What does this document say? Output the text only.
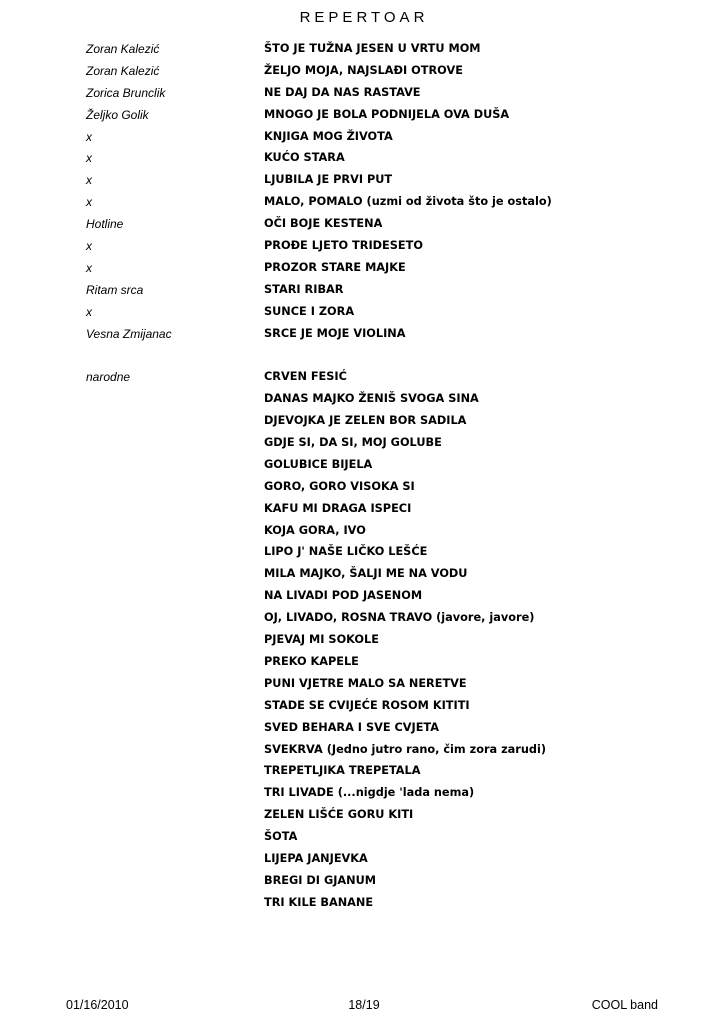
REPERTOAR
Zoran Kalezić	ŠTO JE TUŽNA JESEN U VRTU MOM
Zoran Kalezić	ŽELJO MOJA, NAJSLAĐI OTROVE
Zorica Brunclik	NE DAJ DA NAS RASTAVE
Željko Golik	MNOGO JE BOLA PODNIJELA OVA DUŠA
x	KNJIGA MOG ŽIVOTA
x	KUĆO STARA
x	LJUBILA JE PRVI PUT
x	MALO, POMALO (uzmi od života što je ostalo)
Hotline	OČI BOJE KESTENA
x	PROĐE LJETO TRIDESETO
x	PROZOR STARE MAJKE
Ritam srca	STARI RIBAR
x	SUNCE I ZORA
Vesna Zmijanac	SRCE JE MOJE VIOLINA
narodne	CRVEN FESIĆ
DANAS MAJKO ŽENIŠ SVOGA SINA
DJEVOJKA JE ZELEN BOR SADILA
GDJE SI, DA SI, MOJ GOLUBE
GOLUBICE BIJELA
GORO, GORO VISOKA SI
KAFU MI DRAGA ISPECI
KOJA GORA, IVO
LIPO J' NAŠE LIČKO LEŠĆE
MILA MAJKO, ŠALJI ME NA VODU
NA LIVADI POD JASENOM
OJ, LIVADO, ROSNA TRAVO (javore, javore)
PJEVAJ MI SOKOLE
PREKO KAPELE
PUNI VJETRE MALO SA NERETVE
STADE SE CVIJEĆE ROSOM KITITI
SVED BEHARA I SVE CVJETA
SVEKRVA (Jedno jutro rano, čim zora zarudi)
TREPETLJIKA TREPETALA
TRI LIVADE (...nigdje 'lada nema)
ZELEN LIŠĆE GORU KITI
ŠOTA
LIJEPA JANJEVKA
BREGI DI GJANUM
TRI KILE BANANE
01/16/2010	18/19	COOL band
